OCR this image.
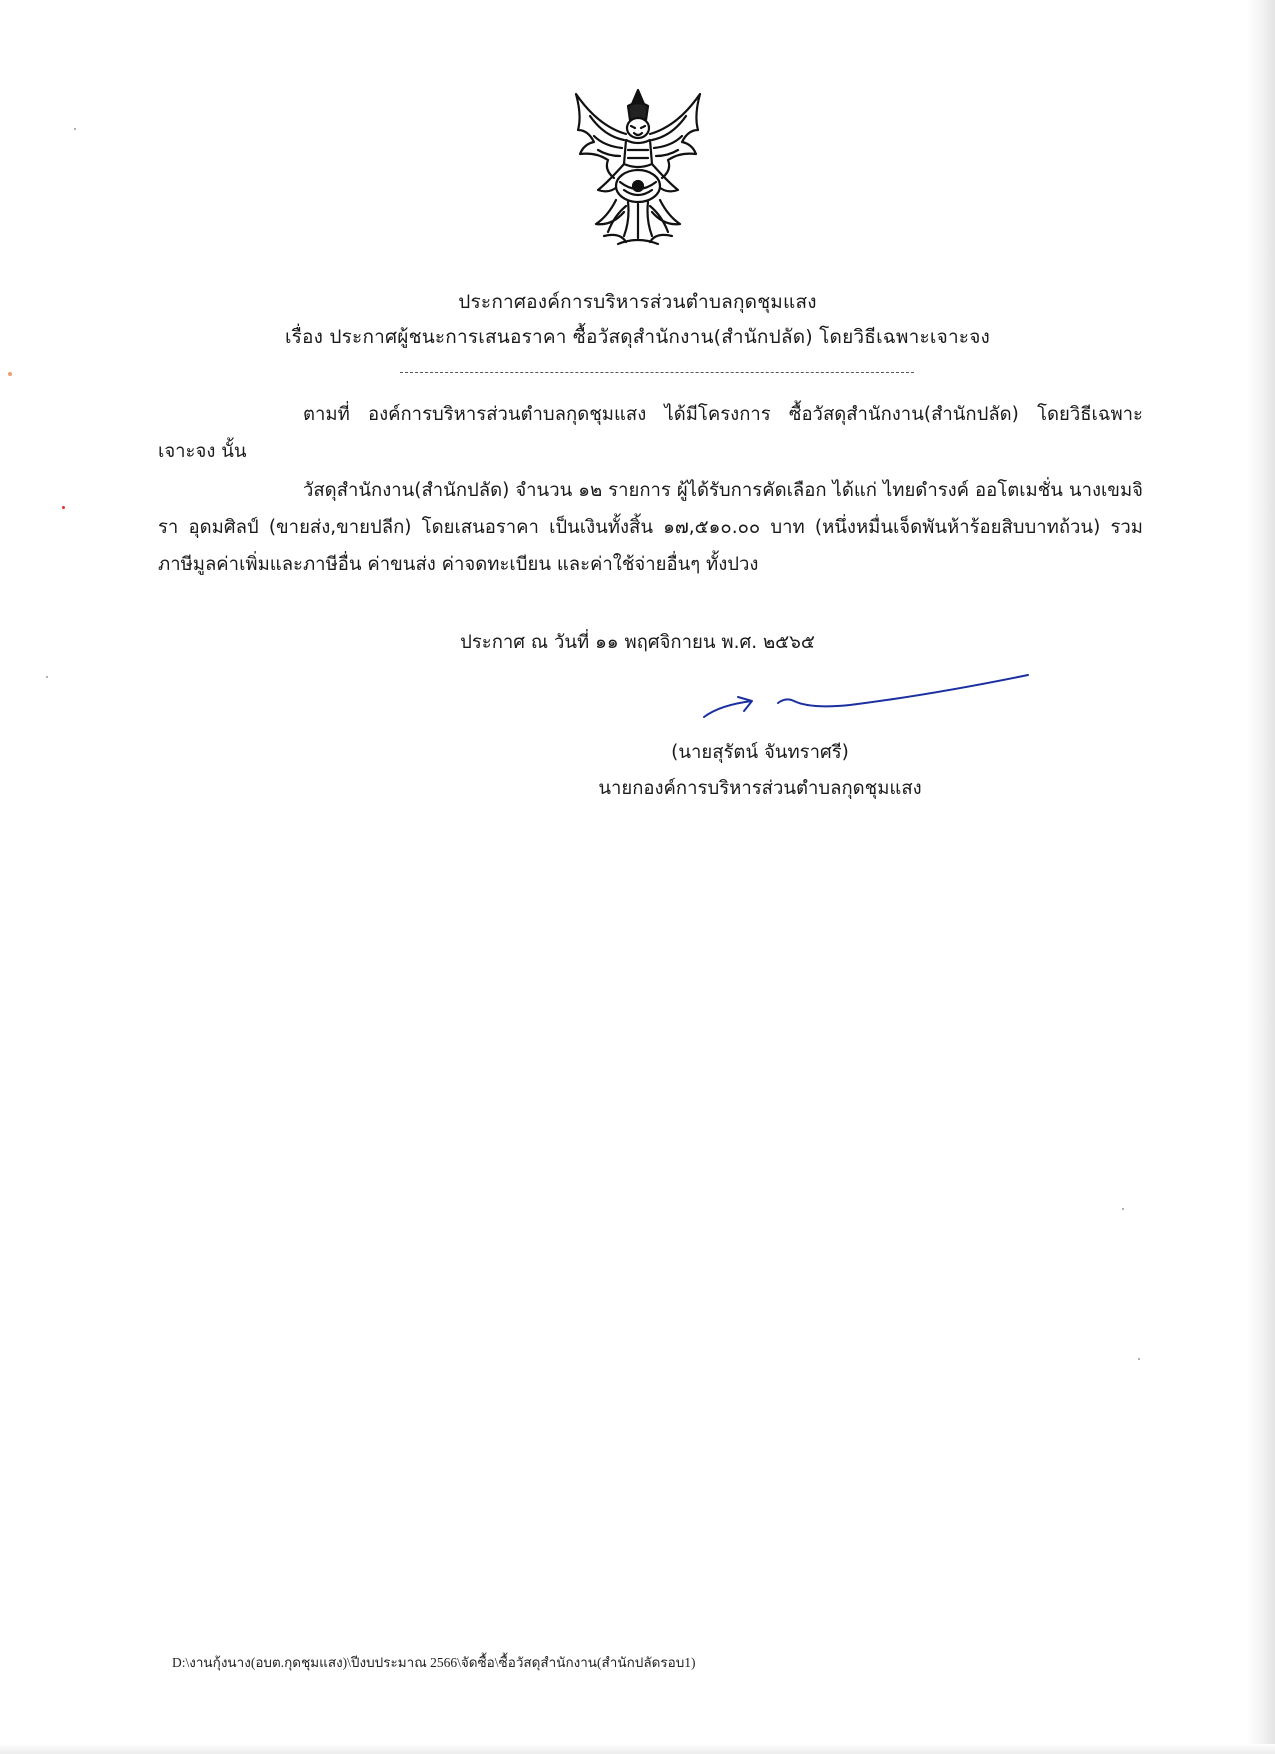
ประกาศองค์การบริหารส่วนตำบลกุดชุมแสง
เรื่อง ประกาศผู้ชนะการเสนอราคา ซื้อวัสดุสำนักงาน(สำนักปลัด) โดยวิธีเฉพาะเจาะจง

ตามที่ องค์การบริหารส่วนตำบลกุดชุมแสง ได้มีโครงการ ซื้อวัสดุสำนักงาน(สำนักปลัด) โดยวิธีเฉพาะเจาะจง นั้น

วัสดุสำนักงาน(สำนักปลัด) จำนวน ๑๒ รายการ ผู้ได้รับการคัดเลือก ได้แก่ ไทยดำรงค์ ออโตเมชั่น นางเขมจิรา อุดมศิลป์ (ขายส่ง,ขายปลีก) โดยเสนอราคา เป็นเงินทั้งสิ้น ๑๗,๕๑๐.๐๐ บาท (หนึ่งหมื่นเจ็ดพันห้าร้อยสิบบาทถ้วน) รวมภาษีมูลค่าเพิ่มและภาษีอื่น ค่าขนส่ง ค่าจดทะเบียน และค่าใช้จ่ายอื่นๆ ทั้งปวง

ประกาศ ณ วันที่ ๑๑ พฤศจิกายน พ.ศ. ๒๕๖๕
(นายสุรัตน์ จันทราศรี)
นายกองค์การบริหารส่วนตำบลกุดชุมแสง
D:\งานกุ้งนาง(อบต.กุดชุมแสง)\ปีงบประมาณ 2566\จัดซื้อ\ซื้อวัสดุสำนักงาน(สำนักปลัดรอบ1)
